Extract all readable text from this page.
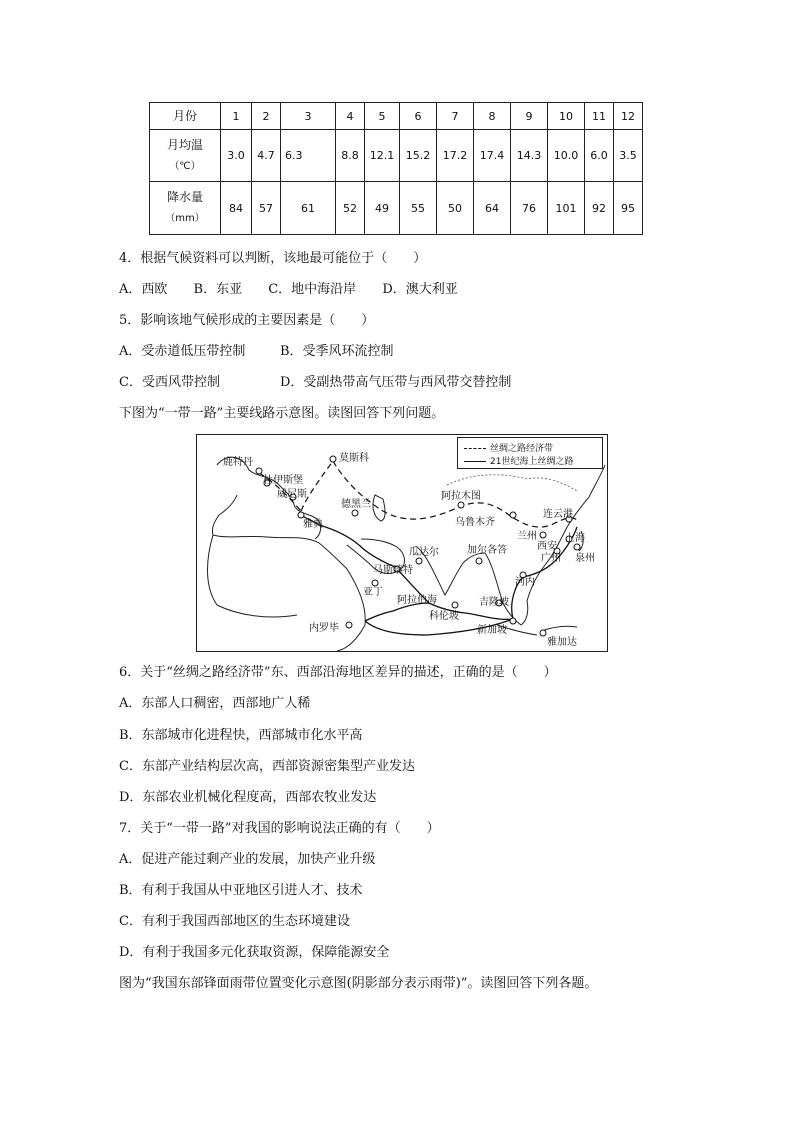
月份	1	2	3	4	5	6	7	8	9	10	11	12

月均温
（℃）	3.0	4.7	6.3	8.8	12.1	15.2	17.2	17.4	14.3	10.0	6.0	3.5

降水量
（mm）	84	57	61	52	49	55	50	64	76	101	92	95
4．根据气候资料可以判断，该地最可能位于（　　）
A．西欧 B．东亚 C．地中海沿岸 D．澳大利亚
5．影响该地气候形成的主要因素是（　　）
A．受赤道低压带控制	B．受季风环流控制
C．受西风带控制	D．受副热带高气压带与西风带交替控制
下图为“一带一路”主要线路示意图。读图回答下列问题。
丝绸之路经济带
21世纪海上丝绸之路
莫斯科
鹿特丹
杜伊斯堡
威尼斯
雅典
德黑兰
阿拉木图
乌鲁木齐
连云港
兰州
西安
上海
广州 泉州
瓜达尔
马斯喀特
加尔各答
河内
亚丁
阿拉伯海
科伦坡
吉隆坡
新加坡
内罗毕
雅加达
6．关于“丝绸之路经济带”东、西部沿海地区差异的描述，正确的是（　　）
A．东部人口稠密，西部地广人稀
B．东部城市化进程快，西部城市化水平高
C．东部产业结构层次高，西部资源密集型产业发达
D．东部农业机械化程度高，西部农牧业发达
7．关于“一带一路”对我国的影响说法正确的有（　　）
A．促进产能过剩产业的发展，加快产业升级
B．有利于我国从中亚地区引进人才、技术
C．有利于我国西部地区的生态环境建设
D．有利于我国多元化获取资源，保障能源安全
图为“我国东部锋面雨带位置变化示意图(阴影部分表示雨带)”。读图回答下列各题。
